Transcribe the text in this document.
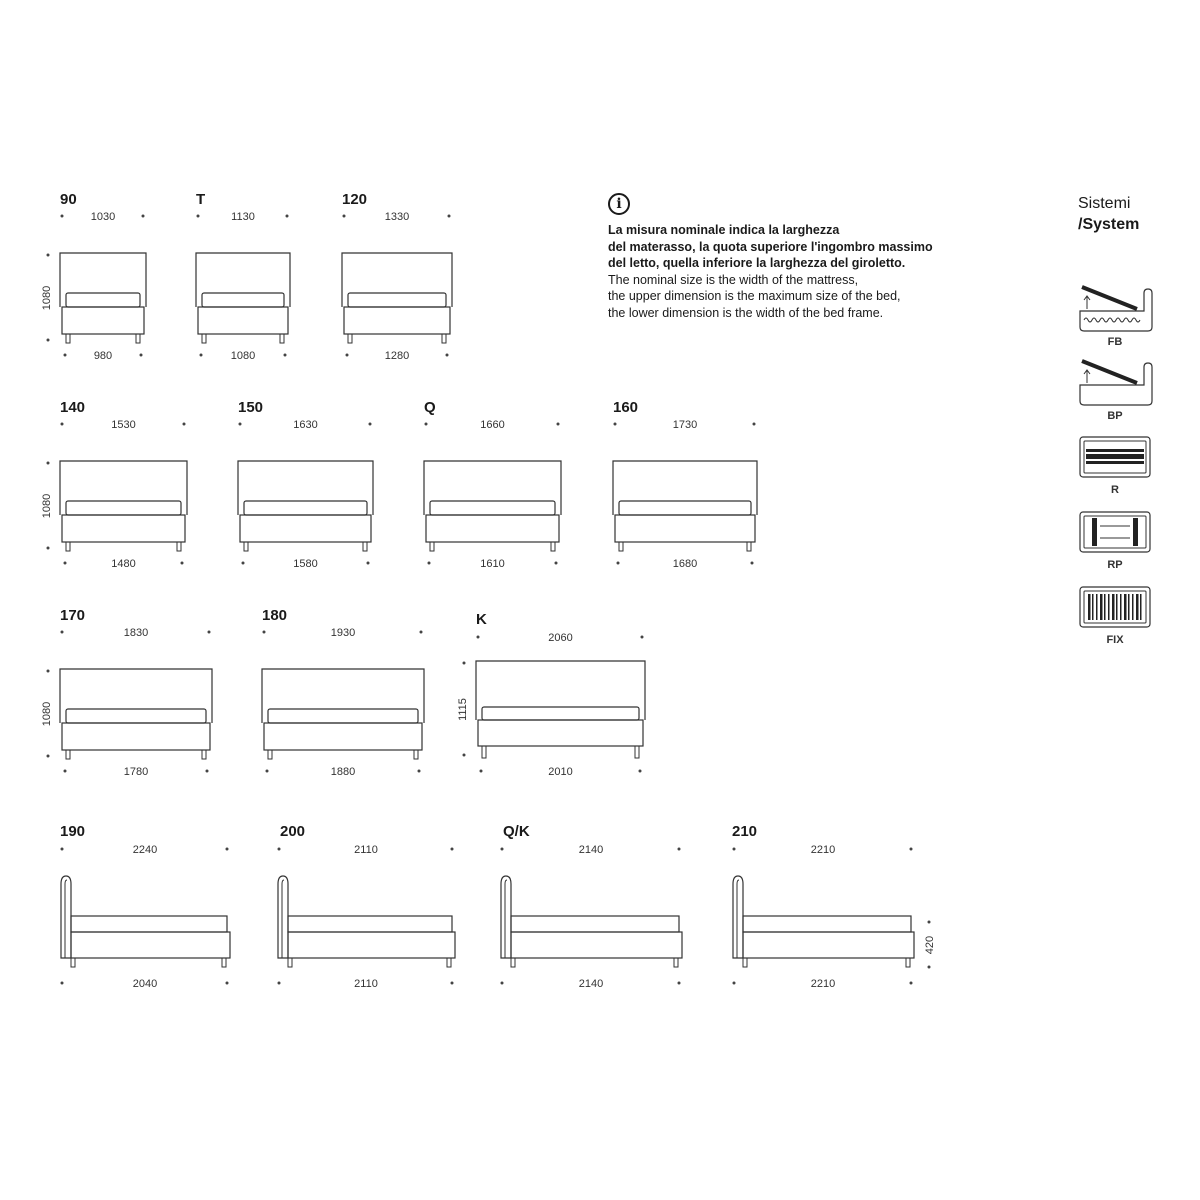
90
1030
980
1080
T
1130
1080
120
1330
1280
140
1530
1480
1080
150
1630
1580
Q
1660
1610
160
1730
1680
170
1830
1780
1080
180
1930
1880
K
2060
2010
1115
190
2240
2040
200
2110
2110
Q/K
2140
2140
210
2210
2210
420
FB
BP
R
RP
FIX
i
La misura nominale indica la larghezza
del materasso, la quota superiore l'ingombro massimo
del letto, quella inferiore la larghezza del giroletto.
The nominal size is the width of the mattress,
the upper dimension is the maximum size of the bed,
the lower dimension is the width of the bed frame.
Sistemi
/System
